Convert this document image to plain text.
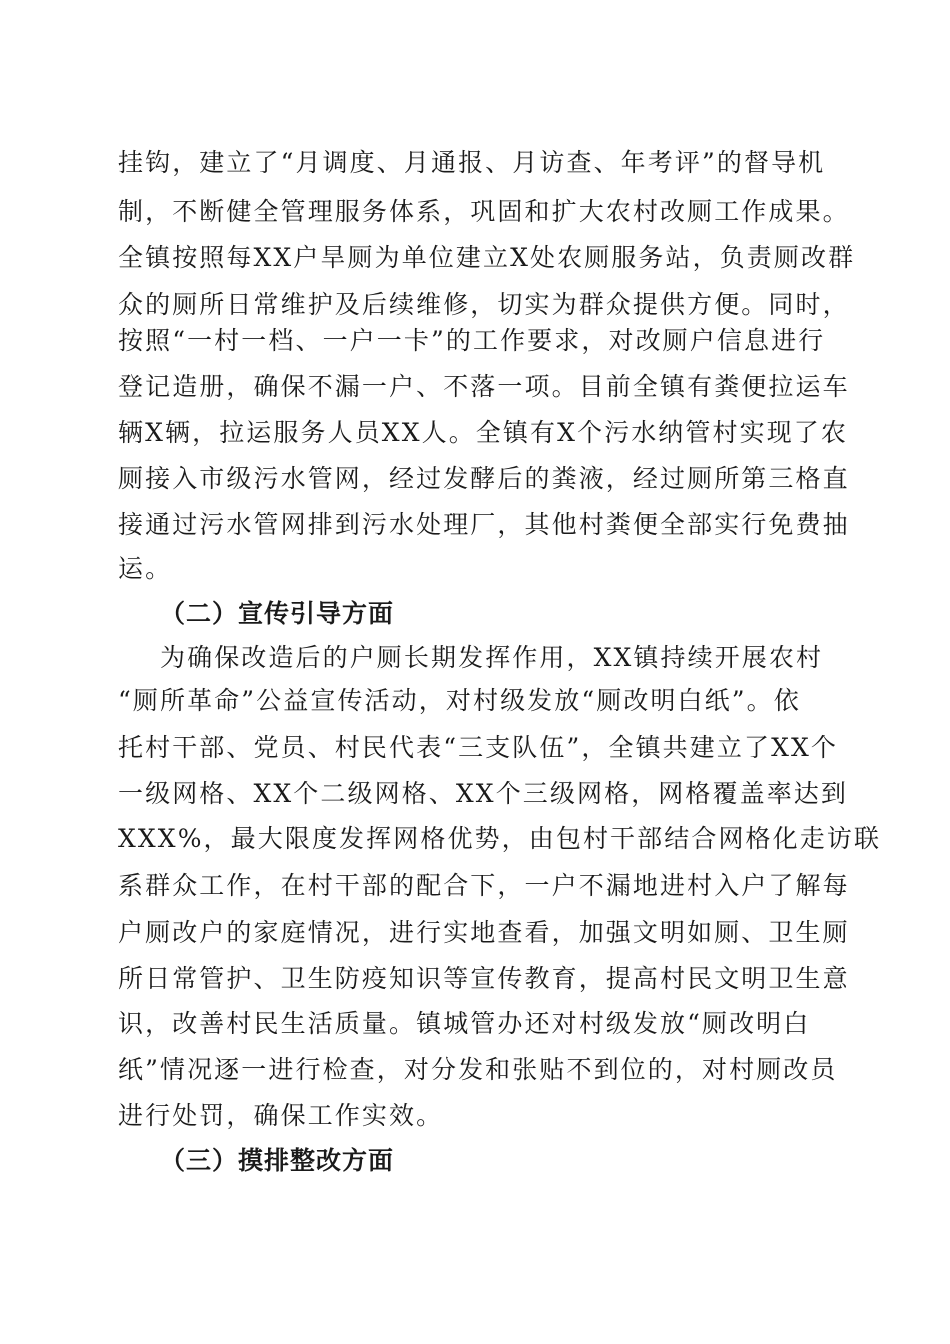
挂钩，建立了“月调度、月通报、月访查、年考评”的督导机
制，不断健全管理服务体系，巩固和扩大农村改厕工作成果。
全镇按照每XX户旱厕为单位建立X处农厕服务站，负责厕改群
众的厕所日常维护及后续维修，切实为群众提供方便。同时，
按照“一村一档、一户一卡”的工作要求，对改厕户信息进行
登记造册，确保不漏一户、不落一项。目前全镇有粪便拉运车
辆X辆，拉运服务人员XX人。全镇有X个污水纳管村实现了农
厕接入市级污水管网，经过发酵后的粪液，经过厕所第三格直
接通过污水管网排到污水处理厂，其他村粪便全部实行免费抽
运。
（二）宣传引导方面
为确保改造后的户厕长期发挥作用，XX镇持续开展农村
“厕所革命”公益宣传活动，对村级发放“厕改明白纸”。依
托村干部、党员、村民代表“三支队伍”，全镇共建立了XX个
一级网格、XX个二级网格、XX个三级网格，网格覆盖率达到
XXX%，最大限度发挥网格优势，由包村干部结合网格化走访联
系群众工作，在村干部的配合下，一户不漏地进村入户了解每
户厕改户的家庭情况，进行实地查看，加强文明如厕、卫生厕
所日常管护、卫生防疫知识等宣传教育，提高村民文明卫生意
识，改善村民生活质量。镇城管办还对村级发放“厕改明白
纸”情况逐一进行检查，对分发和张贴不到位的，对村厕改员
进行处罚，确保工作实效。
（三）摸排整改方面
